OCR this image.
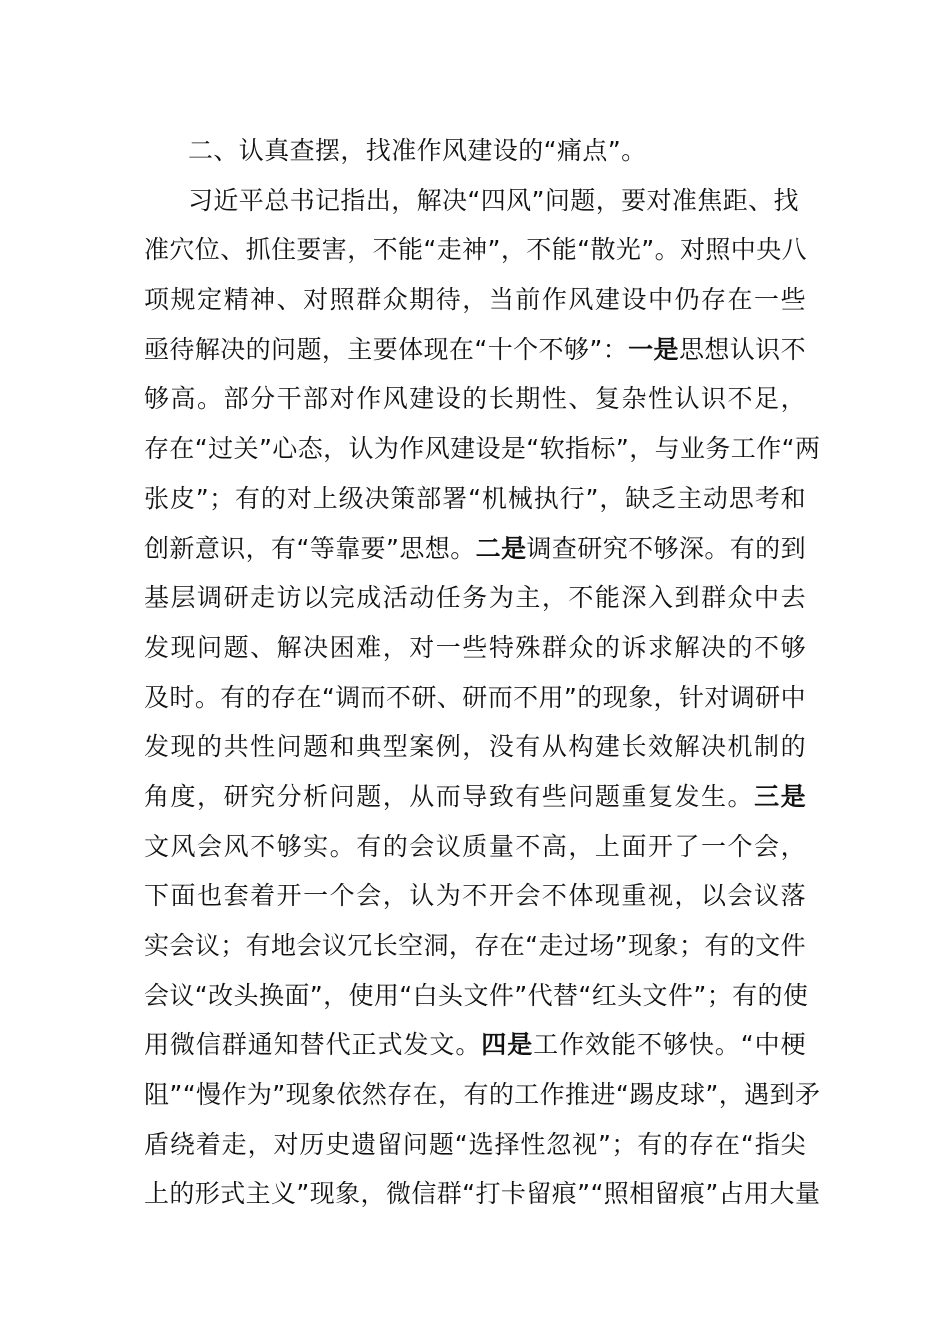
二、认真查摆，找准作风建设的“痛点”。
习近平总书记指出，解决“四风”问题，要对准焦距、找
准穴位、抓住要害，不能“走神”，不能“散光”。对照中央八
项规定精神、对照群众期待，当前作风建设中仍存在一些
亟待解决的问题，主要体现在“十个不够”：一是思想认识不
够高。部分干部对作风建设的长期性、复杂性认识不足，
存在“过关”心态，认为作风建设是“软指标”，与业务工作“两
张皮”；有的对上级决策部署“机械执行”，缺乏主动思考和
创新意识，有“等靠要”思想。二是调查研究不够深。有的到
基层调研走访以完成活动任务为主，不能深入到群众中去
发现问题、解决困难，对一些特殊群众的诉求解决的不够
及时。有的存在“调而不研、研而不用”的现象，针对调研中
发现的共性问题和典型案例，没有从构建长效解决机制的
角度，研究分析问题，从而导致有些问题重复发生。三是
文风会风不够实。有的会议质量不高，上面开了一个会，
下面也套着开一个会，认为不开会不体现重视，以会议落
实会议；有地会议冗长空洞，存在“走过场”现象；有的文件
会议“改头换面”，使用“白头文件”代替“红头文件”；有的使
用微信群通知替代正式发文。四是工作效能不够快。“中梗
阻”“慢作为”现象依然存在，有的工作推进“踢皮球”，遇到矛
盾绕着走，对历史遗留问题“选择性忽视”；有的存在“指尖
上的形式主义”现象，微信群“打卡留痕”“照相留痕”占用大量
